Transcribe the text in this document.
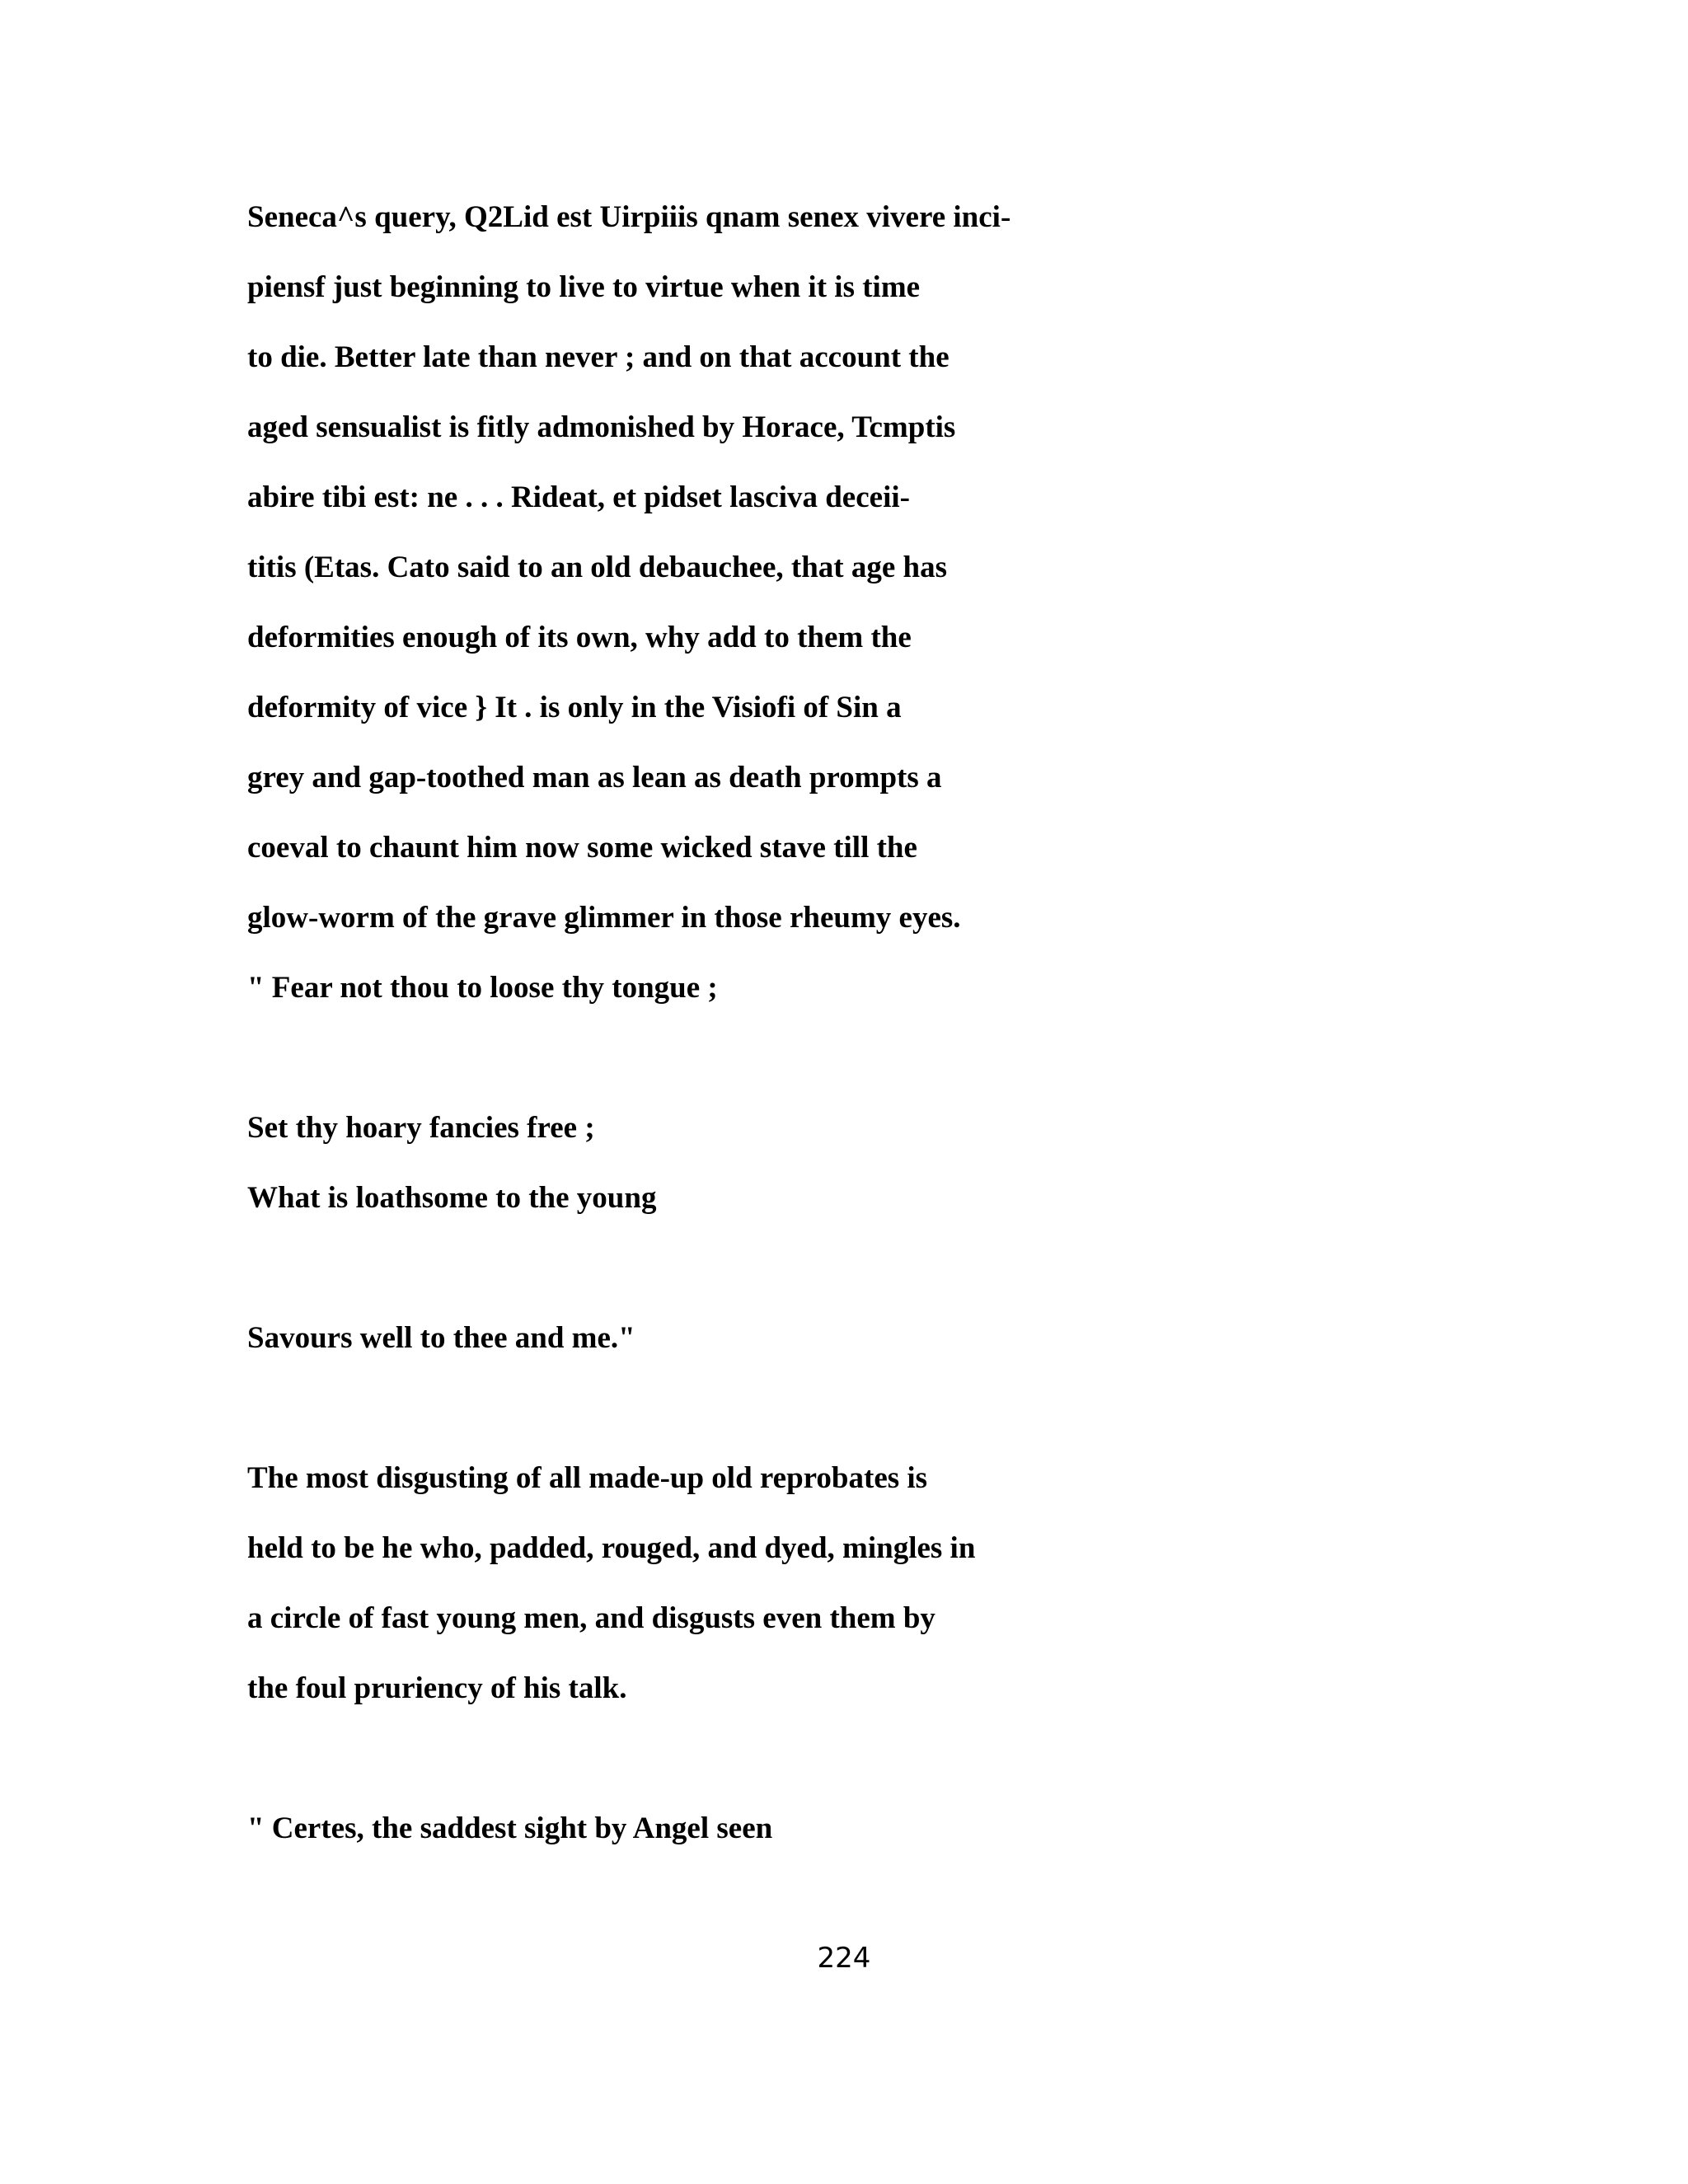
Seneca^s query, Q2Lid est Uirpiiis qnam senex vivere inci-

piensf just beginning to live to virtue when it is time

to die. Better late than never ; and on that account the

aged sensualist is fitly admonished by Horace, Tcmptis

abire tibi est: ne . . . Rideat, et pidset lasciva deceii-

titis (Etas. Cato said to an old debauchee, that age has

deformities enough of its own, why add to them the

deformity of vice } It . is only in the Visiofi of Sin a

grey and gap-toothed man as lean as death prompts a

coeval to chaunt him now some wicked stave till the

glow-worm of the grave glimmer in those rheumy eyes.

" Fear not thou to loose thy tongue ;

Set thy hoary fancies free ;

What is loathsome to the young

Savours well to thee and me."

The most disgusting of all made-up old reprobates is

held to be he who, padded, rouged, and dyed, mingles in

a circle of fast young men, and disgusts even them by

the foul pruriency of his talk.

" Certes, the saddest sight by Angel seen

224
